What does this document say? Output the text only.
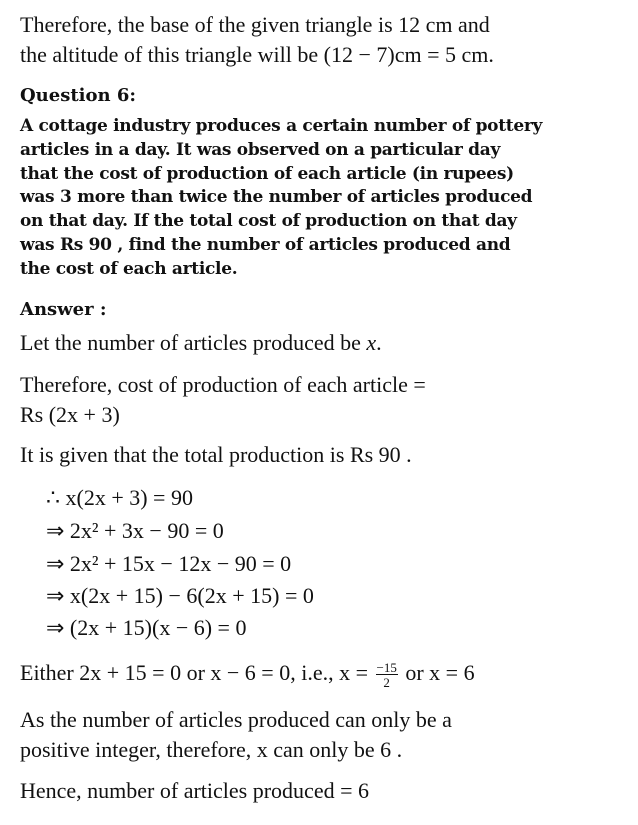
Therefore, the base of the given triangle is 12 cm and
the altitude of this triangle will be (12 − 7)cm = 5 cm.
Question 6:
A cottage industry produces a certain number of pottery
articles in a day. It was observed on a particular day
that the cost of production of each article (in rupees)
was 3 more than twice the number of articles produced
on that day. If the total cost of production on that day
was Rs 90 , find the number of articles produced and
the cost of each article.
Answer :
Let the number of articles produced be x.
Therefore, cost of production of each article =
Rs (2x + 3)
It is given that the total production is Rs 90 .
∴ x(2x + 3) = 90
⇒ 2x² + 3x − 90 = 0
⇒ 2x² + 15x − 12x − 90 = 0
⇒ x(2x + 15) − 6(2x + 15) = 0
⇒ (2x + 15)(x − 6) = 0
Either 2x + 15 = 0 or x − 6 = 0, i.e., $x = \frac{-15}{2}$ or x = 6
As the number of articles produced can only be a
positive integer, therefore, x can only be 6 .
Hence, number of articles produced = 6
